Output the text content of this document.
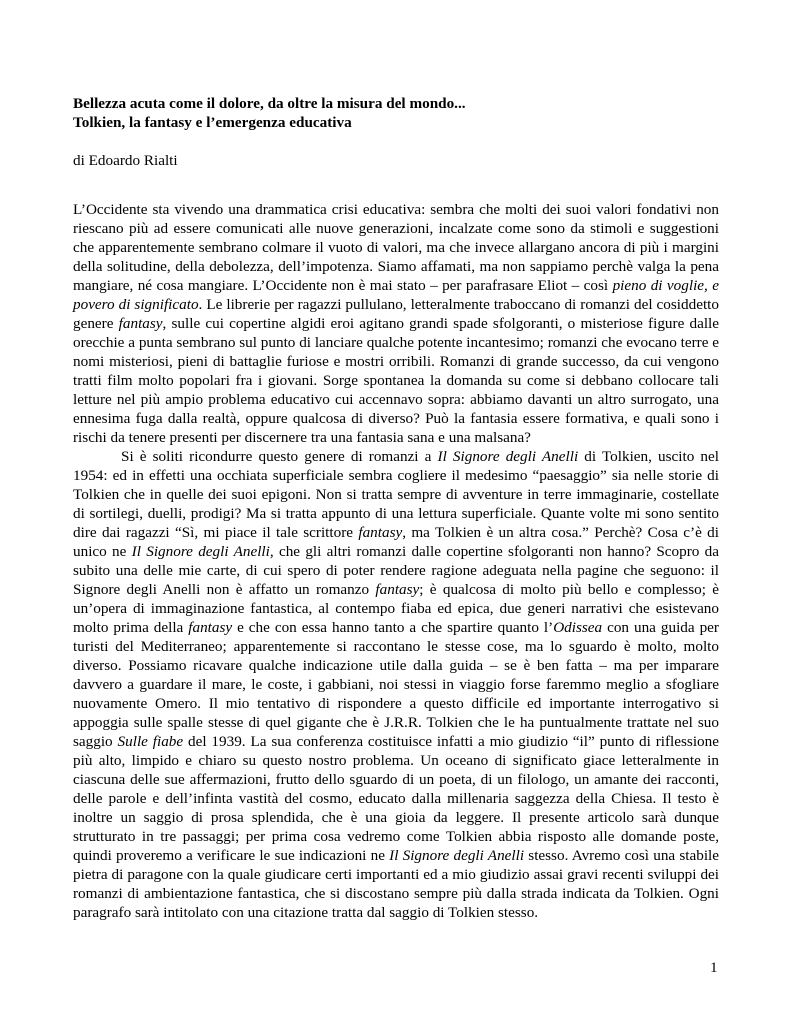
Bellezza acuta come il dolore, da oltre la misura del mondo...
Tolkien, la fantasy e l’emergenza educativa

di Edoardo Rialti

L’Occidente sta vivendo una drammatica crisi educativa: sembra che molti dei suoi valori fondativi non riescano più ad essere comunicati alle nuove generazioni, incalzate come sono da stimoli e suggestioni che apparentemente sembrano colmare il vuoto di valori, ma che invece allargano ancora di più i margini della solitudine, della debolezza, dell’impotenza. Siamo affamati, ma non sappiamo perchè valga la pena mangiare, né cosa mangiare. L’Occidente non è mai stato – per parafrasare Eliot – così pieno di voglie, e povero di significato. Le librerie per ragazzi pullulano, letteralmente traboccano di romanzi del cosiddetto genere fantasy, sulle cui copertine algidi eroi agitano grandi spade sfolgoranti, o misteriose figure dalle orecchie a punta sembrano sul punto di lanciare qualche potente incantesimo; romanzi che evocano terre e nomi misteriosi, pieni di battaglie furiose e mostri orribili. Romanzi di grande successo, da cui vengono tratti film molto popolari fra i giovani. Sorge spontanea la domanda su come si debbano collocare tali letture nel più ampio problema educativo cui accennavo sopra: abbiamo davanti un altro surrogato, una ennesima fuga dalla realtà, oppure qualcosa di diverso? Può la fantasia essere formativa, e quali sono i rischi da tenere presenti per discernere tra una fantasia sana e una malsana?

Si è soliti ricondurre questo genere di romanzi a Il Signore degli Anelli di Tolkien, uscito nel 1954: ed in effetti una occhiata superficiale sembra cogliere il medesimo “paesaggio” sia nelle storie di Tolkien che in quelle dei suoi epigoni. Non si tratta sempre di avventure in terre immaginarie, costellate di sortilegi, duelli, prodigi? Ma si tratta appunto di una lettura superficiale. Quante volte mi sono sentito dire dai ragazzi “Sì, mi piace il tale scrittore fantasy, ma Tolkien è un altra cosa.” Perchè? Cosa c’è di unico ne Il Signore degli Anelli, che gli altri romanzi dalle copertine sfolgoranti non hanno? Scopro da subito una delle mie carte, di cui spero di poter rendere ragione adeguata nella pagine che seguono: il Signore degli Anelli non è affatto un romanzo fantasy; è qualcosa di molto più bello e complesso; è un’opera di immaginazione fantastica, al contempo fiaba ed epica, due generi narrativi che esistevano molto prima della fantasy e che con essa hanno tanto a che spartire quanto l’Odissea con una guida per turisti del Mediterraneo; apparentemente si raccontano le stesse cose, ma lo sguardo è molto, molto diverso. Possiamo ricavare qualche indicazione utile dalla guida – se è ben fatta – ma per imparare davvero a guardare il mare, le coste, i gabbiani, noi stessi in viaggio forse faremmo meglio a sfogliare nuovamente Omero. Il mio tentativo di rispondere a questo difficile ed importante interrogativo si appoggia sulle spalle stesse di quel gigante che è J.R.R. Tolkien che le ha puntualmente trattate nel suo saggio Sulle fiabe del 1939. La sua conferenza costituisce infatti a mio giudizio “il” punto di riflessione più alto, limpido e chiaro su questo nostro problema. Un oceano di significato giace letteralmente in ciascuna delle sue affermazioni, frutto dello sguardo di un poeta, di un filologo, un amante dei racconti, delle parole e dell’infinta vastità del cosmo, educato dalla millenaria saggezza della Chiesa. Il testo è inoltre un saggio di prosa splendida, che è una gioia da leggere. Il presente articolo sarà dunque strutturato in tre passaggi; per prima cosa vedremo come Tolkien abbia risposto alle domande poste, quindi proveremo a verificare le sue indicazioni ne Il Signore degli Anelli stesso. Avremo così una stabile pietra di paragone con la quale giudicare certi importanti ed a mio giudizio assai gravi recenti sviluppi dei romanzi di ambientazione fantastica, che si discostano sempre più dalla strada indicata da Tolkien. Ogni paragrafo sarà intitolato con una citazione tratta dal saggio di Tolkien stesso.

1
